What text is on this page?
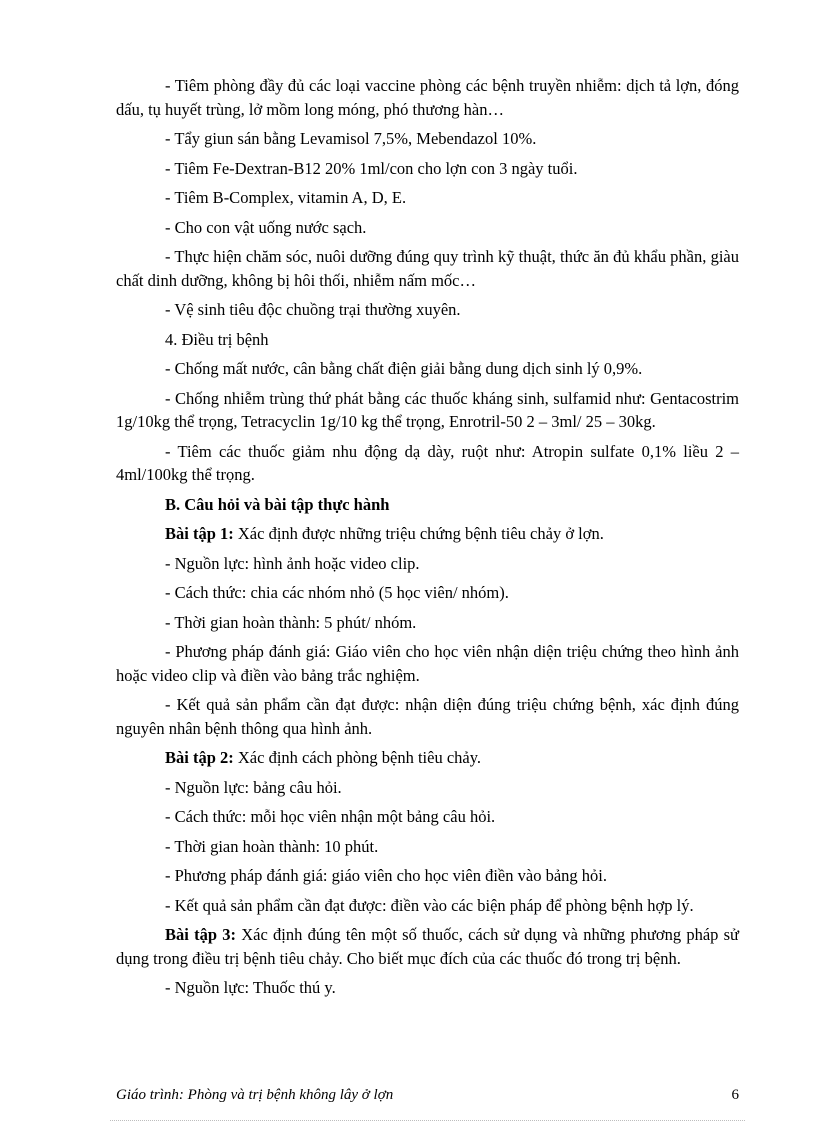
- Tiêm phòng đầy đủ các loại vaccine phòng các bệnh truyền nhiễm: dịch tả lợn, đóng dấu, tụ huyết trùng, lở mồm long móng, phó thương hàn…

- Tẩy giun sán bằng Levamisol 7,5%, Mebendazol 10%.

- Tiêm Fe-Dextran-B12 20% 1ml/con cho lợn con 3 ngày tuổi.

- Tiêm B-Complex, vitamin A, D, E.

- Cho con vật uống nước sạch.

- Thực hiện chăm sóc, nuôi dưỡng đúng quy trình kỹ thuật, thức ăn đủ khẩu phần, giàu chất dinh dưỡng, không bị hôi thối, nhiễm nấm mốc…

- Vệ sinh tiêu độc chuồng trại thường xuyên.

4. Điều trị bệnh

- Chống mất nước, cân bằng chất điện giải bằng dung dịch sinh lý 0,9%.

- Chống nhiễm trùng thứ phát bằng các thuốc kháng sinh, sulfamid như: Gentacostrim 1g/10kg thể trọng, Tetracyclin 1g/10 kg thể trọng, Enrotril-50 2 – 3ml/ 25 – 30kg.

- Tiêm các thuốc giảm nhu động dạ dày, ruột như: Atropin sulfate 0,1% liều 2 – 4ml/100kg thể trọng.

B. Câu hỏi và bài tập thực hành

Bài tập 1: Xác định được những triệu chứng bệnh tiêu chảy ở lợn.

- Nguồn lực: hình ảnh hoặc video clip.

- Cách thức: chia các nhóm nhỏ (5 học viên/ nhóm).

- Thời gian hoàn thành: 5 phút/ nhóm.

- Phương pháp đánh giá: Giáo viên cho học viên nhận diện triệu chứng theo hình ảnh hoặc video clip và điền vào bảng trắc nghiệm.

- Kết quả sản phẩm cần đạt được: nhận diện đúng triệu chứng bệnh, xác định đúng nguyên nhân bệnh thông qua hình ảnh.

Bài tập 2: Xác định cách phòng bệnh tiêu chảy.

- Nguồn lực: bảng câu hỏi.

- Cách thức: mỗi học viên nhận một bảng câu hỏi.

- Thời gian hoàn thành: 10 phút.

- Phương pháp đánh giá: giáo viên cho học viên điền vào bảng hỏi.

- Kết quả sản phẩm cần đạt được: điền vào các biện pháp để phòng bệnh hợp lý.

Bài tập 3: Xác định đúng tên một số thuốc, cách sử dụng và những phương pháp sử dụng trong điều trị bệnh tiêu chảy. Cho biết mục đích của các thuốc đó trong trị bệnh.

- Nguồn lực: Thuốc thú y.

Giáo trình: Phòng và trị bệnh không lây ở lợn	6
